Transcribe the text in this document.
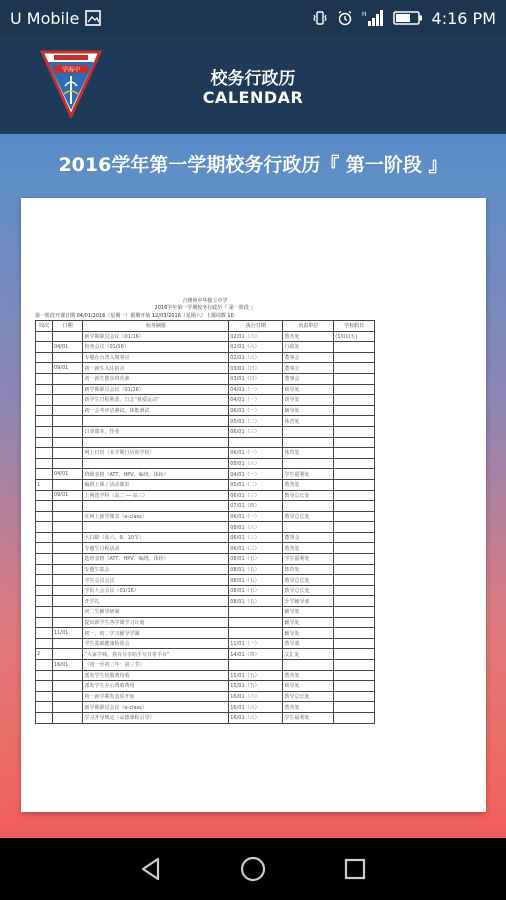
U Mobile	H	4:16 PM
学海中	校务行政历
CALENDAR
2016学年第一学期校务行政历『 第一阶段 』
吉隆坡中华独立中学
2016学年第一学期校务行政历『 第一阶段 』
第一阶段开课日期 04/01/2016（星期一）假期开始 12/03/2016（星期六）上课周数 10
周次	日期	校务摘要	执行日期	负责单位	学校假日
		新学期职员会议（01/16）	02/01（六）	教务处	(1/01(五)
	04/01	校务会议（01/16）	02/01（六）	行政处	
		专题在台湾入境事宜	02/01（六）	董事会	
	09/01	初一新生入住宿舍	03/01（日）	董事会	
		初一新生散步班英素	03/01（日）	董事会	
		新学期职员会议（01/16）	04/01（一）	训导处	
		新学生日程熟悉，日志“我爱运动”	04/01（一）	训导处	
		初一会考评估测试，体能测试	06/01（一）	辅导处	
			05/01（二）	体育处	
		日表课本、作业	06/01（三）		

		网上日历（本学期日历的学校）	06/01（一）	体育处	
			08/01（六）		
	04/01	班级表格（ATT、HPV、编班、体检）	04/01（一）	学生福利处	
1		编班上课 / 活动课表	05/01（二）	教务处	
	09/01	上网选学科（高二 — 高三）	06/01（三）	教导总长处	
			07/01（四）		
		在网上新学课表（e-class）	06/01（一）	教导总长处	
			08/01（六）		
		大扫除（周六、9、10节）	06/01（三）	董事会	
		专题生日程活动	06/01（三）	教务处	
		选班表格（ATT、HPV、编班、体检）	08/01（五）	学生福利处	
		专题生集会	08/01（五）	体育处	
		学生会员会议	08/01（五）	教导总长处	
		学报大会会议（01/16）	08/01（五）	教导总长处	
		开学礼	08/01（五）	升学辅导部	
		初二生辅导研制		辅导处	
		提出新学生各学课学习计划		辅导处	
	11/01	初一、初二学习辅导学制		辅导处	
		学生基础健康检验会	11/01（一）	教导部	
2		“大家学韩，我有分享给手写日常平台”	14/01（四）	文汇处	
	16/01	（初一至初二年：第三节）			
		派发学生校服费用收	15/01（五）	教务处	
		派发学生办公费收费用	15/01（五）	训导处	
		初一新学期发表说开始	16/01（六）	教导总长处	
		新学期职员会议（e-class）	16/01（六）	教务处	
		学习开导规定（品德课程引导）	16/01（六）	学生福利处	
